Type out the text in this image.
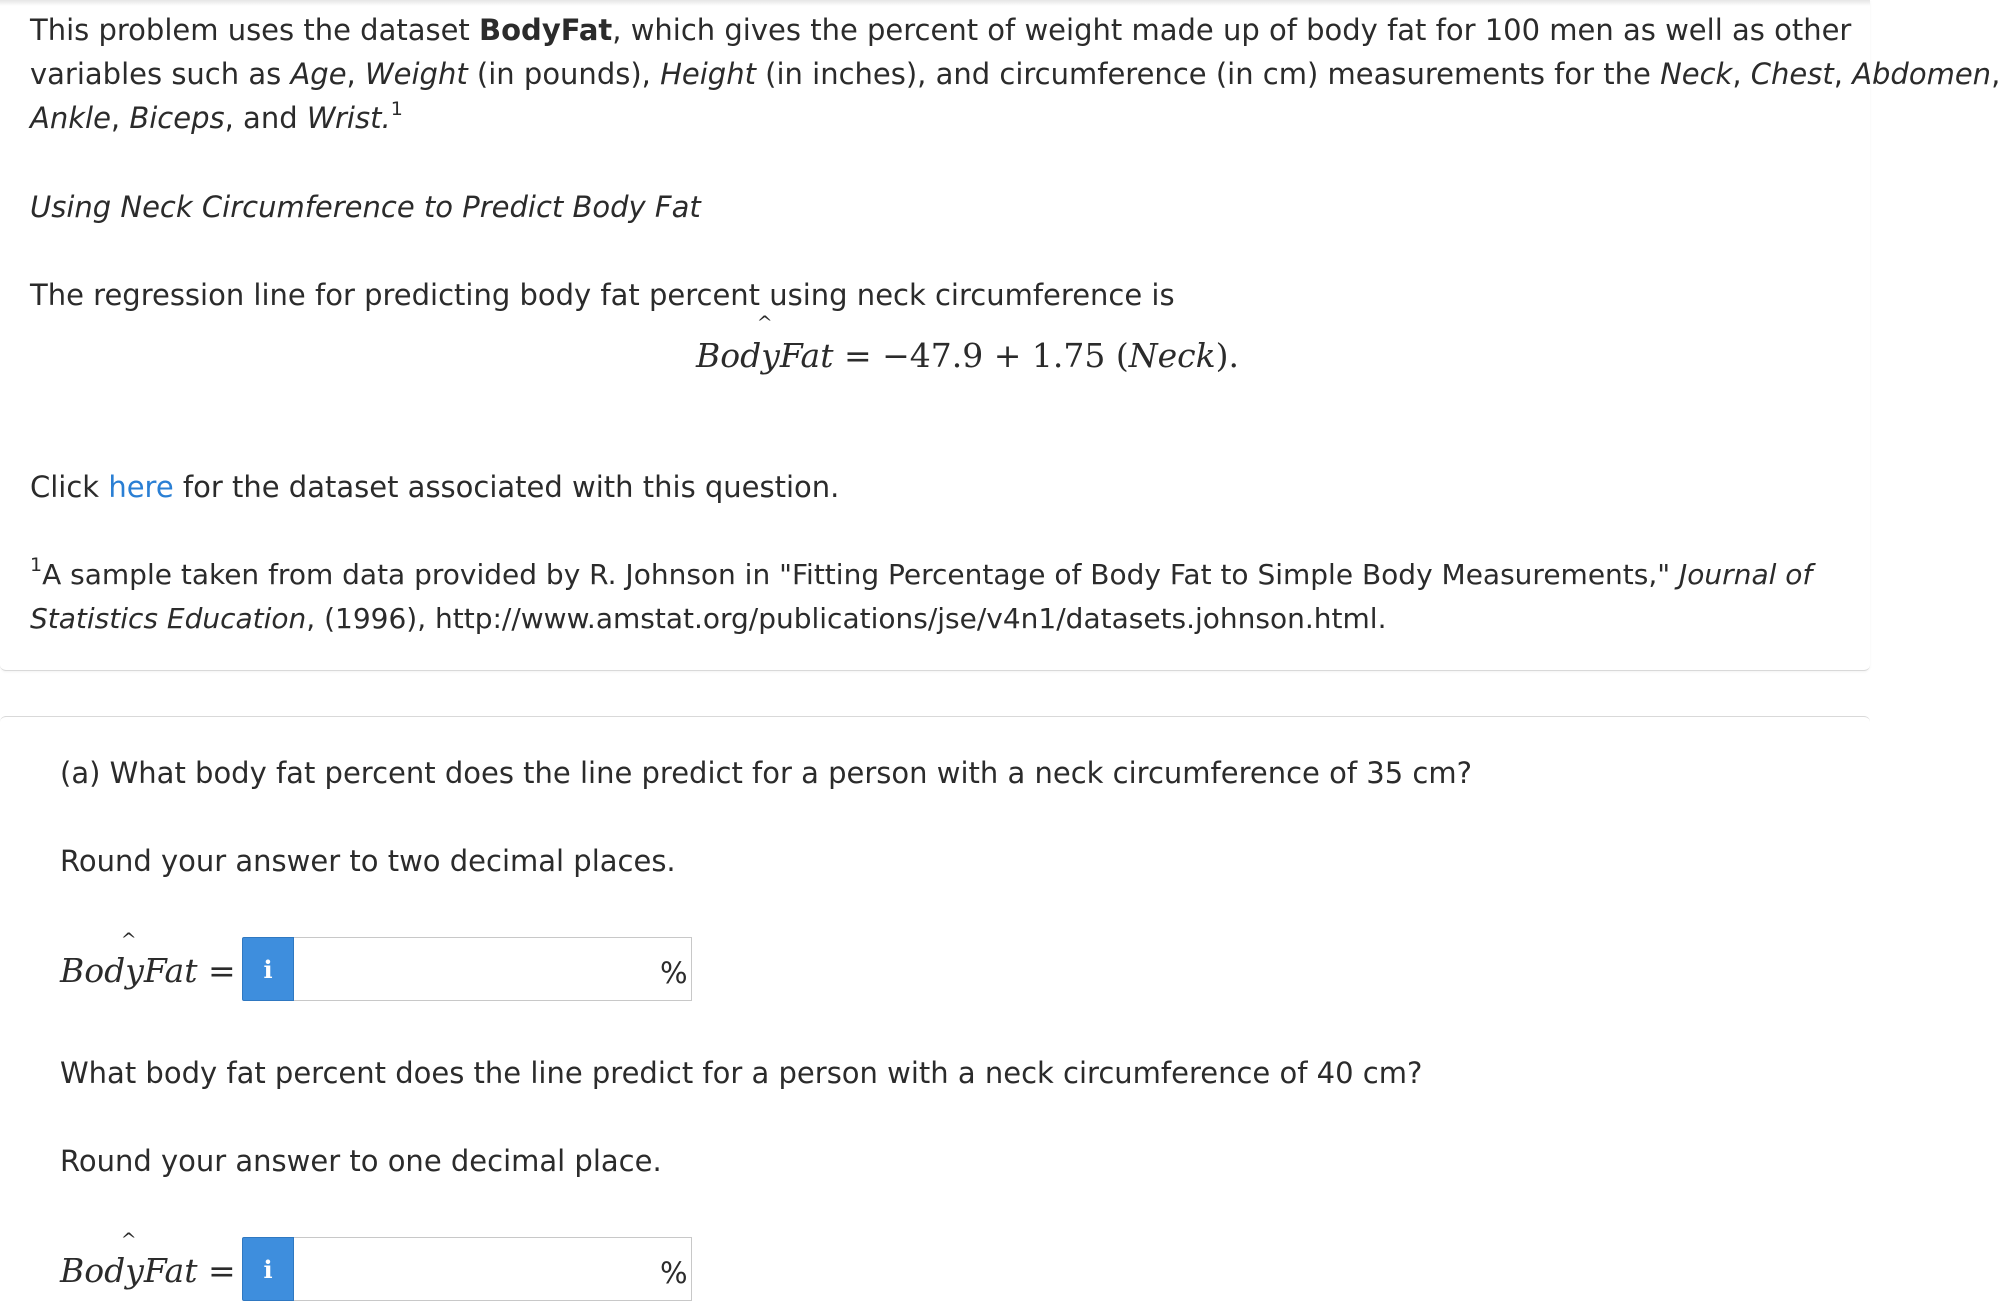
This problem uses the dataset BodyFat, which gives the percent of weight made up of body fat for 100 men as well as other

variables such as Age, Weight (in pounds), Height (in inches), and circumference (in cm) measurements for the Neck, Chest, Abdomen,

Ankle, Biceps, and Wrist.$^1$

Using Neck Circumference to Predict Body Fat

The regression line for predicting body fat percent using neck circumference is

^
BodyFat = −47.9 + 1.75 (Neck).

Click here for the dataset associated with this question.

$^1$A sample taken from data provided by R. Johnson in "Fitting Percentage of Body Fat to Simple Body Measurements," Journal of

Statistics Education, (1996), http://www.amstat.org/publications/jse/v4n1/datasets.johnson.html.

(a) What body fat percent does the line predict for a person with a neck circumference of 35 cm?

Round your answer to two decimal places.

^
BodyFat =	i	%

What body fat percent does the line predict for a person with a neck circumference of 40 cm?

Round your answer to one decimal place.

^
BodyFat =	i	%
